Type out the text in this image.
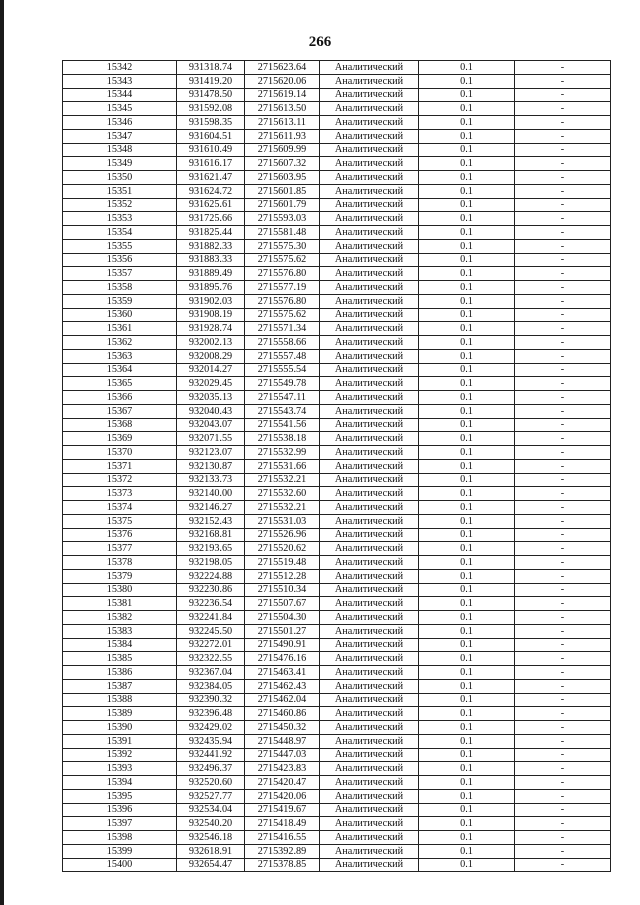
266
15342	931318.74	2715623.64	Аналитический	0.1	-
15343	931419.20	2715620.06	Аналитический	0.1	-
15344	931478.50	2715619.14	Аналитический	0.1	-
15345	931592.08	2715613.50	Аналитический	0.1	-
15346	931598.35	2715613.11	Аналитический	0.1	-
15347	931604.51	2715611.93	Аналитический	0.1	-
15348	931610.49	2715609.99	Аналитический	0.1	-
15349	931616.17	2715607.32	Аналитический	0.1	-
15350	931621.47	2715603.95	Аналитический	0.1	-
15351	931624.72	2715601.85	Аналитический	0.1	-
15352	931625.61	2715601.79	Аналитический	0.1	-
15353	931725.66	2715593.03	Аналитический	0.1	-
15354	931825.44	2715581.48	Аналитический	0.1	-
15355	931882.33	2715575.30	Аналитический	0.1	-
15356	931883.33	2715575.62	Аналитический	0.1	-
15357	931889.49	2715576.80	Аналитический	0.1	-
15358	931895.76	2715577.19	Аналитический	0.1	-
15359	931902.03	2715576.80	Аналитический	0.1	-
15360	931908.19	2715575.62	Аналитический	0.1	-
15361	931928.74	2715571.34	Аналитический	0.1	-
15362	932002.13	2715558.66	Аналитический	0.1	-
15363	932008.29	2715557.48	Аналитический	0.1	-
15364	932014.27	2715555.54	Аналитический	0.1	-
15365	932029.45	2715549.78	Аналитический	0.1	-
15366	932035.13	2715547.11	Аналитический	0.1	-
15367	932040.43	2715543.74	Аналитический	0.1	-
15368	932043.07	2715541.56	Аналитический	0.1	-
15369	932071.55	2715538.18	Аналитический	0.1	-
15370	932123.07	2715532.99	Аналитический	0.1	-
15371	932130.87	2715531.66	Аналитический	0.1	-
15372	932133.73	2715532.21	Аналитический	0.1	-
15373	932140.00	2715532.60	Аналитический	0.1	-
15374	932146.27	2715532.21	Аналитический	0.1	-
15375	932152.43	2715531.03	Аналитический	0.1	-
15376	932168.81	2715526.96	Аналитический	0.1	-
15377	932193.65	2715520.62	Аналитический	0.1	-
15378	932198.05	2715519.48	Аналитический	0.1	-
15379	932224.88	2715512.28	Аналитический	0.1	-
15380	932230.86	2715510.34	Аналитический	0.1	-
15381	932236.54	2715507.67	Аналитический	0.1	-
15382	932241.84	2715504.30	Аналитический	0.1	-
15383	932245.50	2715501.27	Аналитический	0.1	-
15384	932272.01	2715490.91	Аналитический	0.1	-
15385	932322.55	2715476.16	Аналитический	0.1	-
15386	932367.04	2715463.41	Аналитический	0.1	-
15387	932384.05	2715462.43	Аналитический	0.1	-
15388	932390.32	2715462.04	Аналитический	0.1	-
15389	932396.48	2715460.86	Аналитический	0.1	-
15390	932429.02	2715450.32	Аналитический	0.1	-
15391	932435.94	2715448.97	Аналитический	0.1	-
15392	932441.92	2715447.03	Аналитический	0.1	-
15393	932496.37	2715423.83	Аналитический	0.1	-
15394	932520.60	2715420.47	Аналитический	0.1	-
15395	932527.77	2715420.06	Аналитический	0.1	-
15396	932534.04	2715419.67	Аналитический	0.1	-
15397	932540.20	2715418.49	Аналитический	0.1	-
15398	932546.18	2715416.55	Аналитический	0.1	-
15399	932618.91	2715392.89	Аналитический	0.1	-
15400	932654.47	2715378.85	Аналитический	0.1	-
